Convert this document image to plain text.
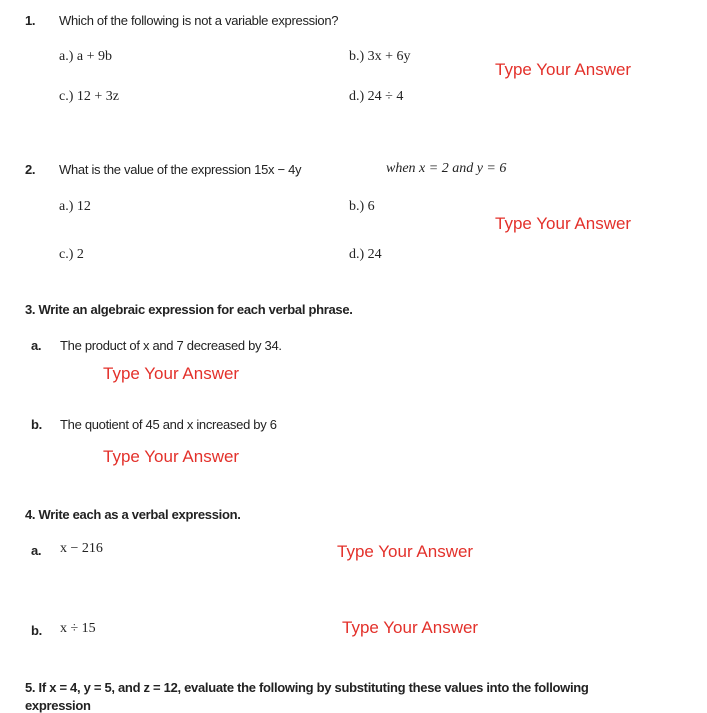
1. Which of the following is not a variable expression?
a.) a + 9b	b.) 3x + 6y
c.) 12 + 3z	d.) 24 ÷ 4
Type Your Answer
2. What is the value of the expression 15x − 4y	when x = 2 and y = 6
a.) 12	b.) 6
c.) 2	d.) 24
Type Your Answer
3. Write an algebraic expression for each verbal phrase.
a. The product of x and 7 decreased by 34.
Type Your Answer
b. The quotient of 45 and x increased by 6
Type Your Answer
4. Write each as a verbal expression.
a. x − 216	Type Your Answer
b. x ÷ 15	Type Your Answer
5. If x = 4, y = 5, and z = 12, evaluate the following by substituting these values into the following
expression
